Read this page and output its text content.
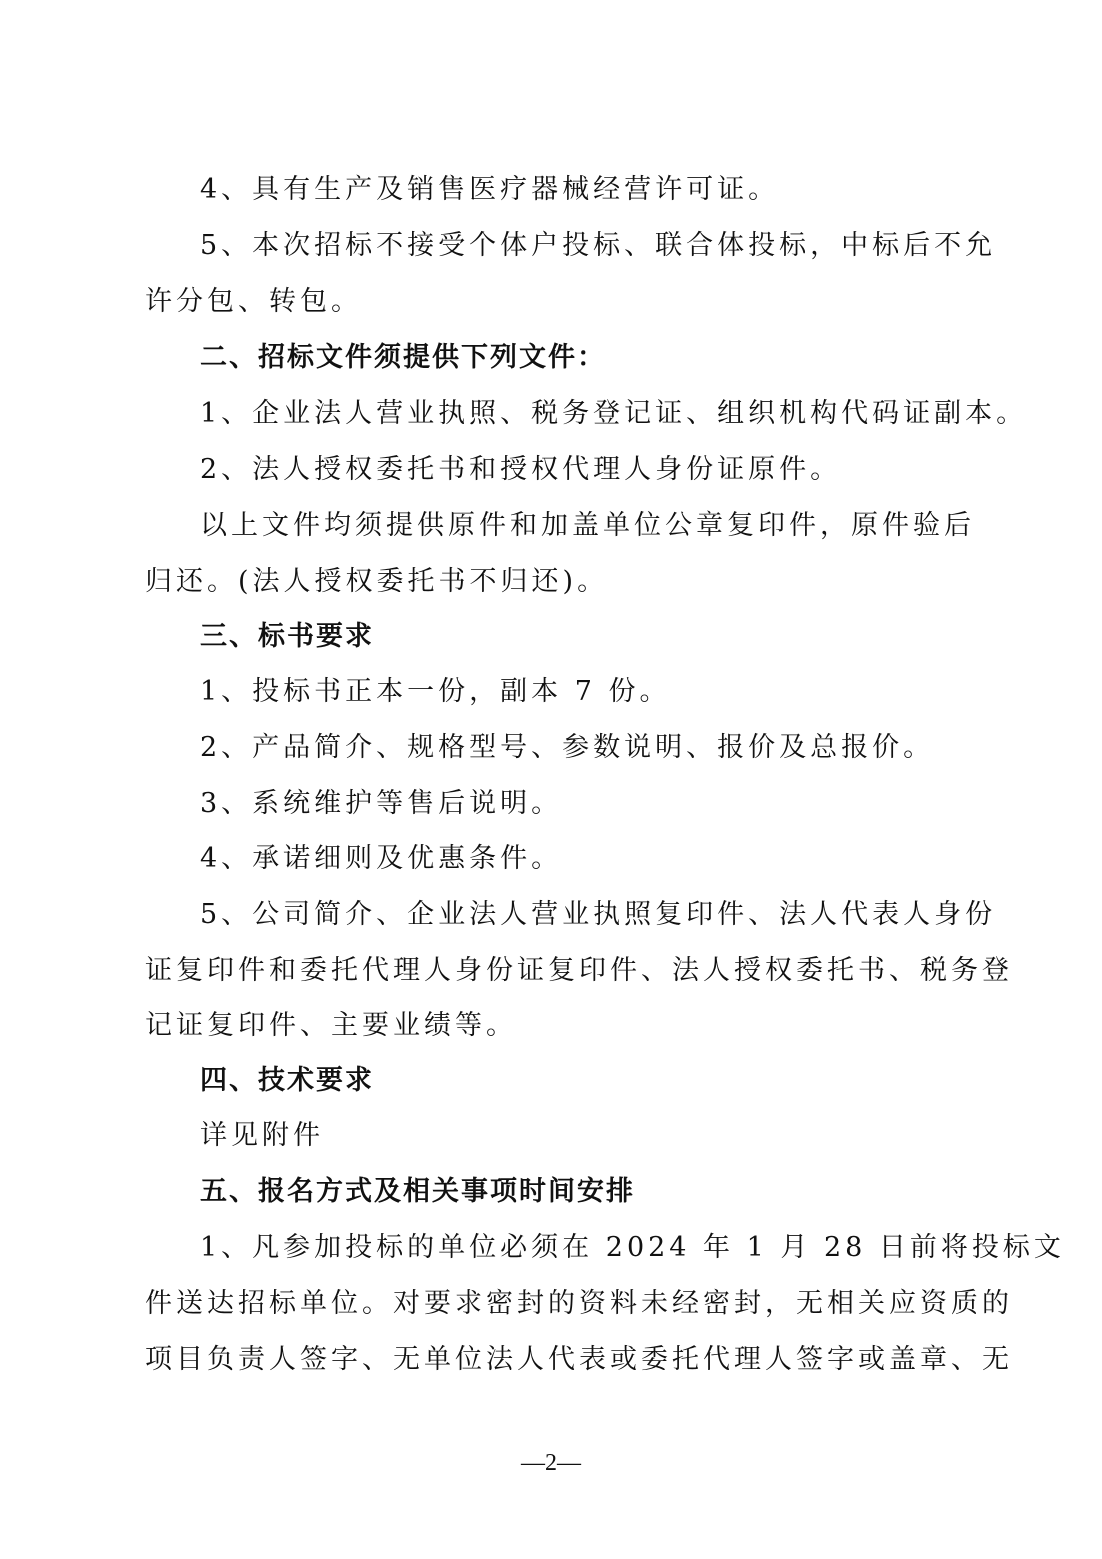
4、具有生产及销售医疗器械经营许可证。
5、本次招标不接受个体户投标、联合体投标，中标后不允
许分包、转包。
二、招标文件须提供下列文件：
1、企业法人营业执照、税务登记证、组织机构代码证副本。
2、法人授权委托书和授权代理人身份证原件。
以上文件均须提供原件和加盖单位公章复印件，原件验后
归还。(法人授权委托书不归还)。
三、标书要求
1、投标书正本一份，副本 7 份。
2、产品简介、规格型号、参数说明、报价及总报价。
3、系统维护等售后说明。
4、承诺细则及优惠条件。
5、公司简介、企业法人营业执照复印件、法人代表人身份
证复印件和委托代理人身份证复印件、法人授权委托书、税务登
记证复印件、主要业绩等。
四、技术要求
详见附件
五、报名方式及相关事项时间安排
1、凡参加投标的单位必须在 2024 年 1 月 28 日前将投标文
件送达招标单位。对要求密封的资料未经密封，无相关应资质的
项目负责人签字、无单位法人代表或委托代理人签字或盖章、无
—2—
